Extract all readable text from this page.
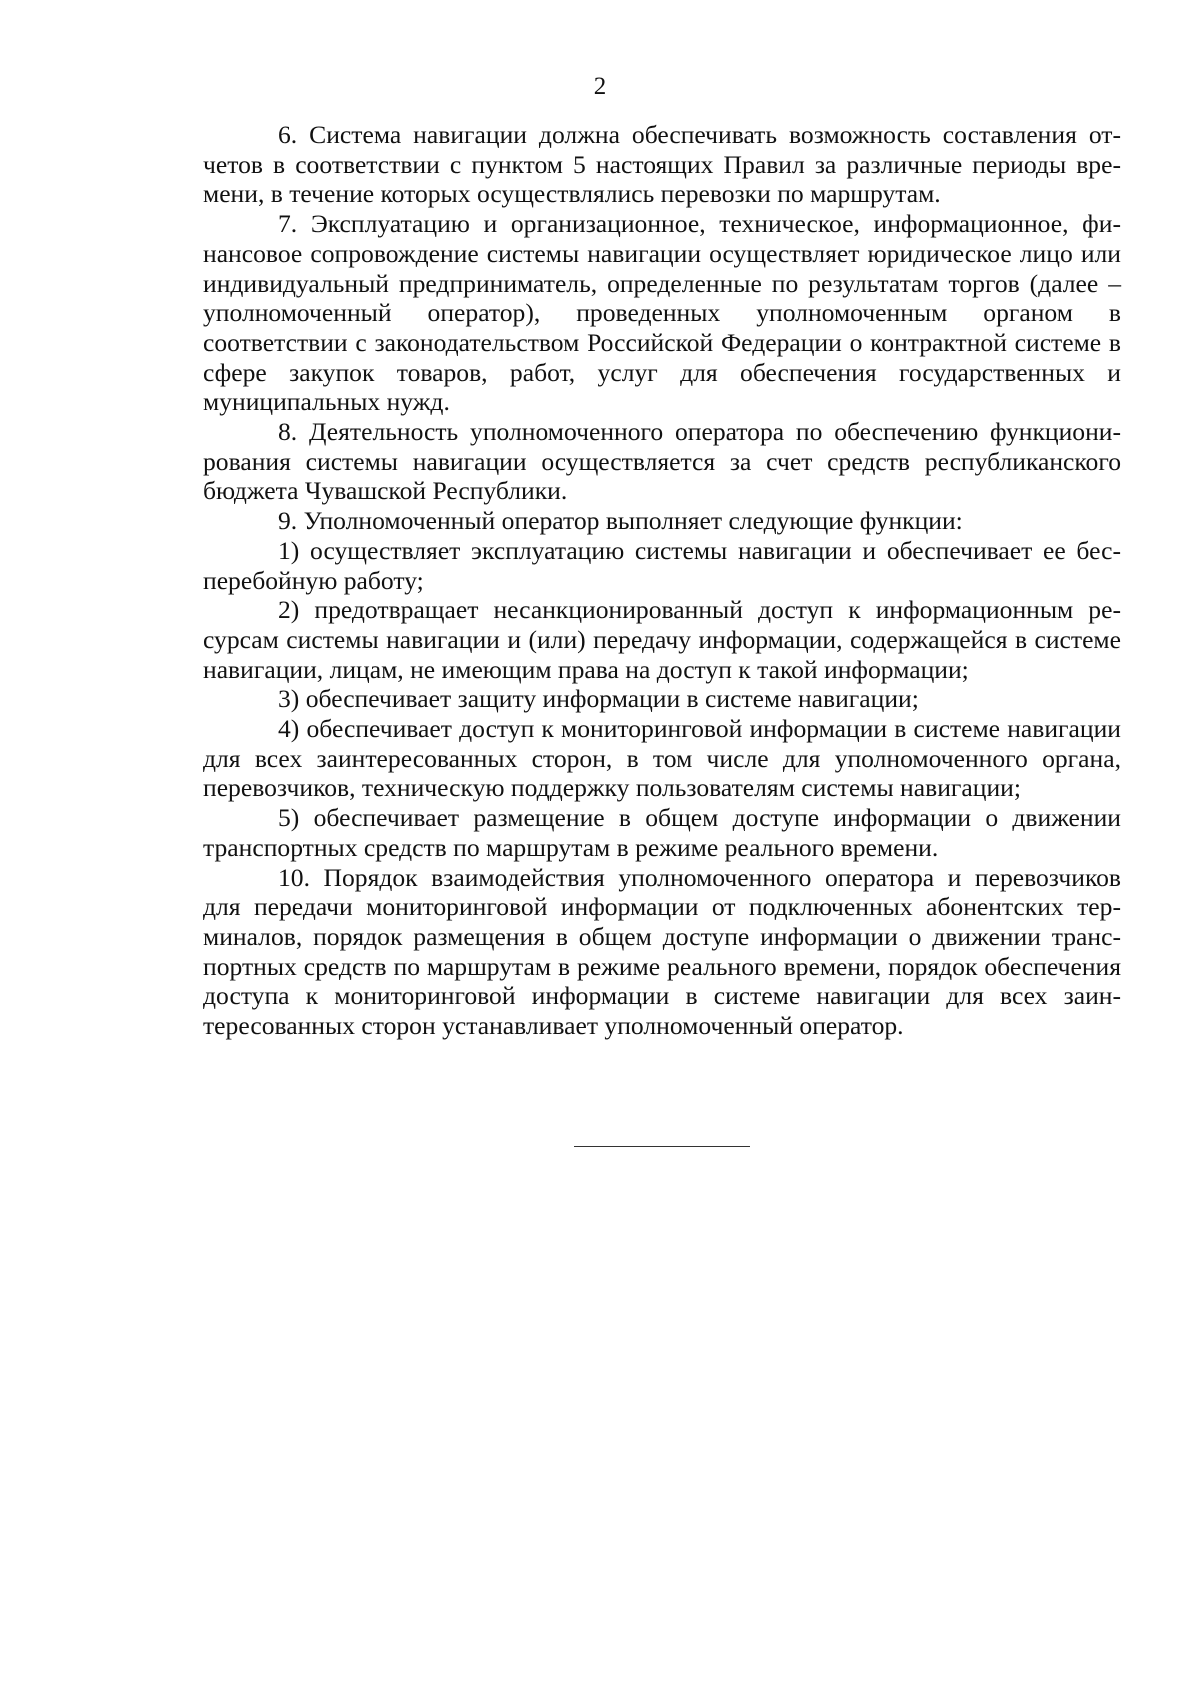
2

6. Система навигации должна обеспечивать возможность составления отчетов в соответствии с пунктом 5 настоящих Правил за различные периоды времени, в течение которых осуществлялись перевозки по маршрутам.

7. Эксплуатацию и организационное, техническое, информационное, финансовое сопровождение системы навигации осуществляет юридическое лицо или индивидуальный предприниматель, определенные по результатам торгов (далее – уполномоченный оператор), проведенных уполномоченным органом в соответствии с законодательством Российской Федерации о контрактной системе в сфере закупок товаров, работ, услуг для обеспечения государственных и муниципальных нужд.

8. Деятельность уполномоченного оператора по обеспечению функционирования системы навигации осуществляется за счет средств республиканского бюджета Чувашской Республики.

9. Уполномоченный оператор выполняет следующие функции:

1) осуществляет эксплуатацию системы навигации и обеспечивает ее бесперебойную работу;

2) предотвращает несанкционированный доступ к информационным ресурсам системы навигации и (или) передачу информации, содержащейся в системе навигации, лицам, не имеющим права на доступ к такой информации;

3) обеспечивает защиту информации в системе навигации;

4) обеспечивает доступ к мониторинговой информации в системе навигации для всех заинтересованных сторон, в том числе для уполномоченного органа, перевозчиков, техническую поддержку пользователям системы навигации;

5) обеспечивает размещение в общем доступе информации о движении транспортных средств по маршрутам в режиме реального времени.

10. Порядок взаимодействия уполномоченного оператора и перевозчиков для передачи мониторинговой информации от подключенных абонентских терминалов, порядок размещения в общем доступе информации о движении транспортных средств по маршрутам в режиме реального времени, порядок обеспечения доступа к мониторинговой информации в системе навигации для всех заинтересованных сторон устанавливает уполномоченный оператор.
